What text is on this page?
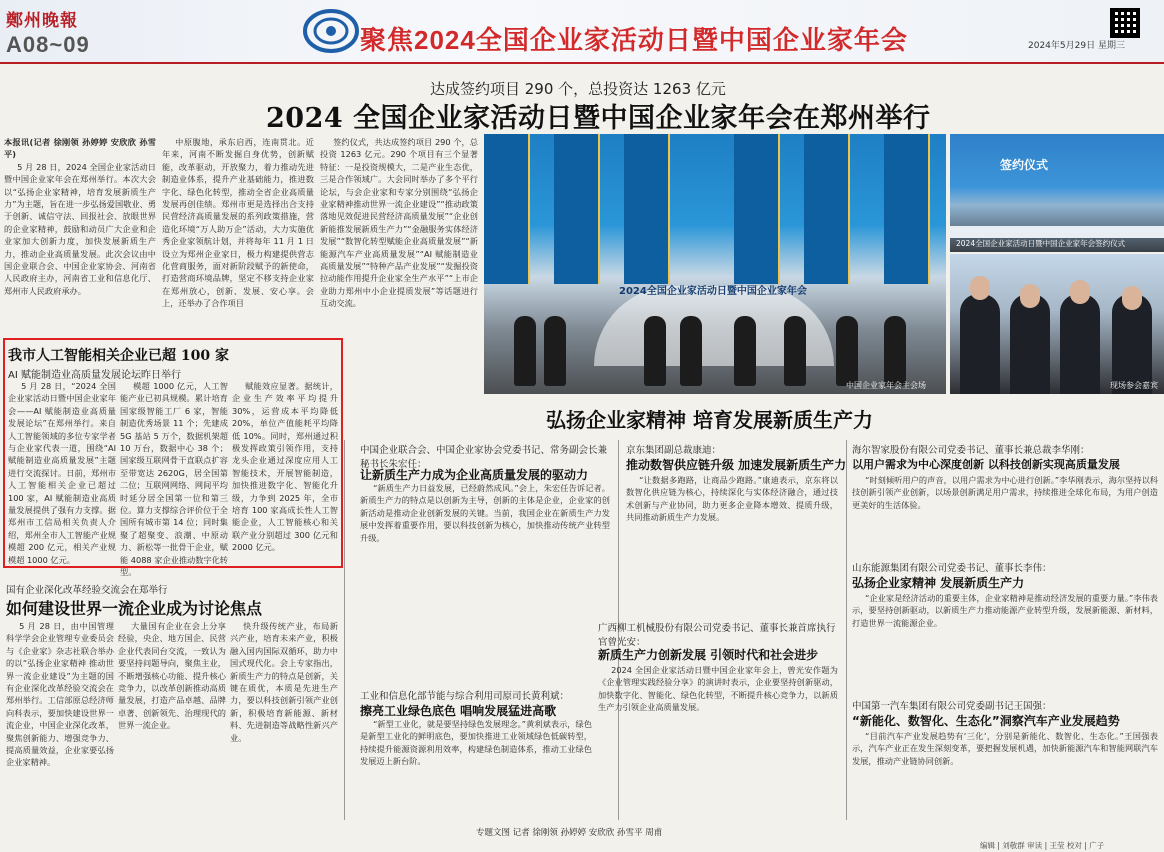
鄭州晚報
A08~09	聚焦2024全国企业家活动日暨中国企业家年会	2024年5月29日 星期三
达成签约项目 290 个，总投资达 1263 亿元
2024 全国企业家活动日暨中国企业家年会在郑州举行

本报讯(记者 徐刚领 孙婷婷 安欣欣 孙雪平)

5 月 28 日，2024 全国企业家活动日暨中国企业家年会在郑州举行。本次大会以“弘扬企业家精神，培育发展新质生产力”为主题，旨在进一步弘扬爱国敬业、勇于创新、诚信守法、回报社会、放眼世界的企业家精神，鼓励和动员广大企业和企业家加大创新力度，加快发展新质生产力，推动企业高质量发展。此次会议由中国企业联合会、中国企业家协会、河南省人民政府主办，河南省工业和信息化厅、郑州市人民政府承办。

中原腹地，承东启西，连南贯北。近年来，河南不断发掘自身优势，创新赋能，改革驱动，开放聚力，着力推动先进制造业体系，提升产业基础能力，推进数字化、绿色化转型，推动全省企业高质量发展再创佳绩。郑州市更是选择出合支持民营经济高质量发展的系列政策措施，营造化环境“万人助万企”活动，大力实施优秀企业家领航计划，并将每年 11 月 1 日设立为郑州企业家日，极力构建提供营志化营商服务，面对新阶段赋予的新使命，打造营商环境品牌，坚定不移支持企业家在郑州放心，创新、发展、安心享。会上，还举办了合作项目

签约仪式，共达成签约项目 290 个，总投资 1263 亿元。290 个项目有三个显著特征：一是投资规模大，二是产业生态优，三是合作领域广。大会同时举办了多个平行论坛，与会企业家和专家分别围绕“弘扬企业家精神推动世界一流企业建设”“推动政策落地见效促进民营经济高质量发展”“企业创新能推发展新质生产力”“金融服务实体经济发展”“数智化转型赋能企业高质量发展”“新能源汽车产业高质量发展”“AI 赋能制造业高质量发展”“特种产品产业发展”“发掘投资拉动能作用提升企业家全生产水平”“上市企业助力郑州中小企业提质发展”等话题进行互动交流。

2024全国企业家活动日暨中国企业家年会
中国企业家年会主会场
签约仪式
2024全国企业家活动日暨中国企业家年会签约仪式
现场参会嘉宾
我市人工智能相关企业已超 100 家
AI 赋能制造业高质量发展论坛昨日举行

5 月 28 日，“2024 全国企业家活动日暨中国企业家年会——AI 赋能制造业高质量发展论坛”在郑州举行。来自人工智能领域的多位专家学者与企业家代表一道，围绕“AI 赋能制造业高质量发展”主题进行交流探讨。日前，郑州市人工智能相关企业已超过 100 家，AI 赋能制造业高质量发展提供了强有力支撑。据郑州市工信局相关负责人介绍，郑州全市人工智能产业规模超 200 亿元，相关产业规模超 1000 亿元。

模超 1000 亿元，人工智能产业已初具规模。累计培育国家级智能工厂 6 家，智能制造优秀场景 11 个；先建成 5G 基站 5 万个，数据机架超 10 万台，数据中心 38 个；国家级互联网骨干直联点扩容至带宽达 2620G，居全国第二位；互联网网络、网间平均时延分居全国第一位和第三位。算力支撑综合评价位于全国所有城市第 14 位；同时集聚了超聚变、浪潮、中原动力、新松等一批骨干企业，赋能 4088 家企业推动数字化转型。

赋能效应显著。据统计，企业生产效率平均提升 30%，运营成本平均降低 20%，单位产值能耗平均降低 10%。同时，郑州通过积极发挥政策引领作用，支持龙头企业通过深度应用人工智能技术，开展智能制造，加快推进数字化、智能化升级，力争到 2025 年，全市培育 100 家高成长性人工智能企业，人工智能核心和关联产业分别超过 300 亿元和 2000 亿元。

弘扬企业家精神 培育发展新质生产力
国有企业深化改革经验交流会在郑举行
如何建设世界一流企业成为讨论焦点

5 月 28 日，由中国管理科学学会企业管理专业委员会与《企业家》杂志社联合举办的以“弘扬企业家精神 推动世界一流企业建设”为主题的国有企业深化改革经验交流会在郑州举行。工信部原总经济师向科表示，要加快建设世界一流企业，中国企业深化改革，聚焦创新能力、增强竞争力、提高质量效益，企业家要弘扬企业家精神。

大量国有企业在会上分享经验，央企、地方国企、民营企业代表同台交流，一致认为要坚持问题导向，聚焦主业，不断增强核心功能、提升核心竞争力，以改革创新推动高质量发展，打造产品卓越、品牌卓著、创新领先、治理现代的世界一流企业。

快升级传统产业，布局新兴产业，培育未来产业，积极融入国内国际双循环，助力中国式现代化。会上专家指出，新质生产力的特点是创新，关键在质优，本质是先进生产力，要以科技创新引领产业创新，积极培育新能源、新材料、先进制造等战略性新兴产业。

中国企业联合会、中国企业家协会党委书记、常务副会长兼秘书长朱宏任：
让新质生产力成为企业高质量发展的驱动力

“新质生产力日益发展，已经蔚然成风。”会上，朱宏任告诉记者。新质生产力的特点是以创新为主导，创新的主体是企业，企业家的创新活动是推动企业创新发展的关键。当前，我国企业在新质生产力发展中发挥着重要作用，要以科技创新为核心，加快推动传统产业转型升级。

工业和信息化部节能与综合利用司原司长黄利斌：
擦亮工业绿色底色 唱响发展猛进高歌

“新型工业化，就是要坚持绿色发展理念。”黄利斌表示，绿色是新型工业化的鲜明底色，要加快推进工业领域绿色低碳转型，持续提升能源资源利用效率，构建绿色制造体系，推动工业绿色发展迈上新台阶。

京东集团副总裁康迪：
推动数智供应链升级 加速发展新质生产力

“让数据多跑路，让商品少跑路。”康迪表示，京东将以数智化供应链为核心，持续深化与实体经济融合，通过技术创新与产业协同，助力更多企业降本增效、提质升级，共同推动新质生产力发展。

广西柳工机械股份有限公司党委书记、董事长兼首席执行官曾光安：
新质生产力创新发展 引领时代和社会进步

2024 全国企业家活动日暨中国企业家年会上，曾光安作题为《企业管理实践经验分享》的演讲时表示，企业要坚持创新驱动，加快数字化、智能化、绿色化转型，不断提升核心竞争力，以新质生产力引领企业高质量发展。

海尔智家股份有限公司党委书记、董事长兼总裁李华刚：
以用户需求为中心深度创新 以科技创新实现高质量发展

“时刻倾听用户的声音，以用户需求为中心进行创新。”李华刚表示，海尔坚持以科技创新引领产业创新，以场景创新满足用户需求，持续推进全球化布局，为用户创造更美好的生活体验。

山东能源集团有限公司党委书记、董事长李伟：
弘扬企业家精神 发展新质生产力

“企业家是经济活动的重要主体，企业家精神是推动经济发展的重要力量。”李伟表示，要坚持创新驱动，以新质生产力推动能源产业转型升级，发展新能源、新材料，打造世界一流能源企业。

中国第一汽车集团有限公司党委副书记王国强：
“新能化、数智化、生态化”洞察汽车产业发展趋势

“目前汽车产业发展趋势有‘三化’，分别是新能化、数智化、生态化。”王国强表示，汽车产业正在发生深刻变革，要把握发展机遇，加快新能源汽车和智能网联汽车发展，推动产业链协同创新。

专题文图 记者 徐刚领 孙婷婷 安欣欣 孙雪平 周甫
编辑 | 刘敬群 审读 | 王莹 校对 | 广子
